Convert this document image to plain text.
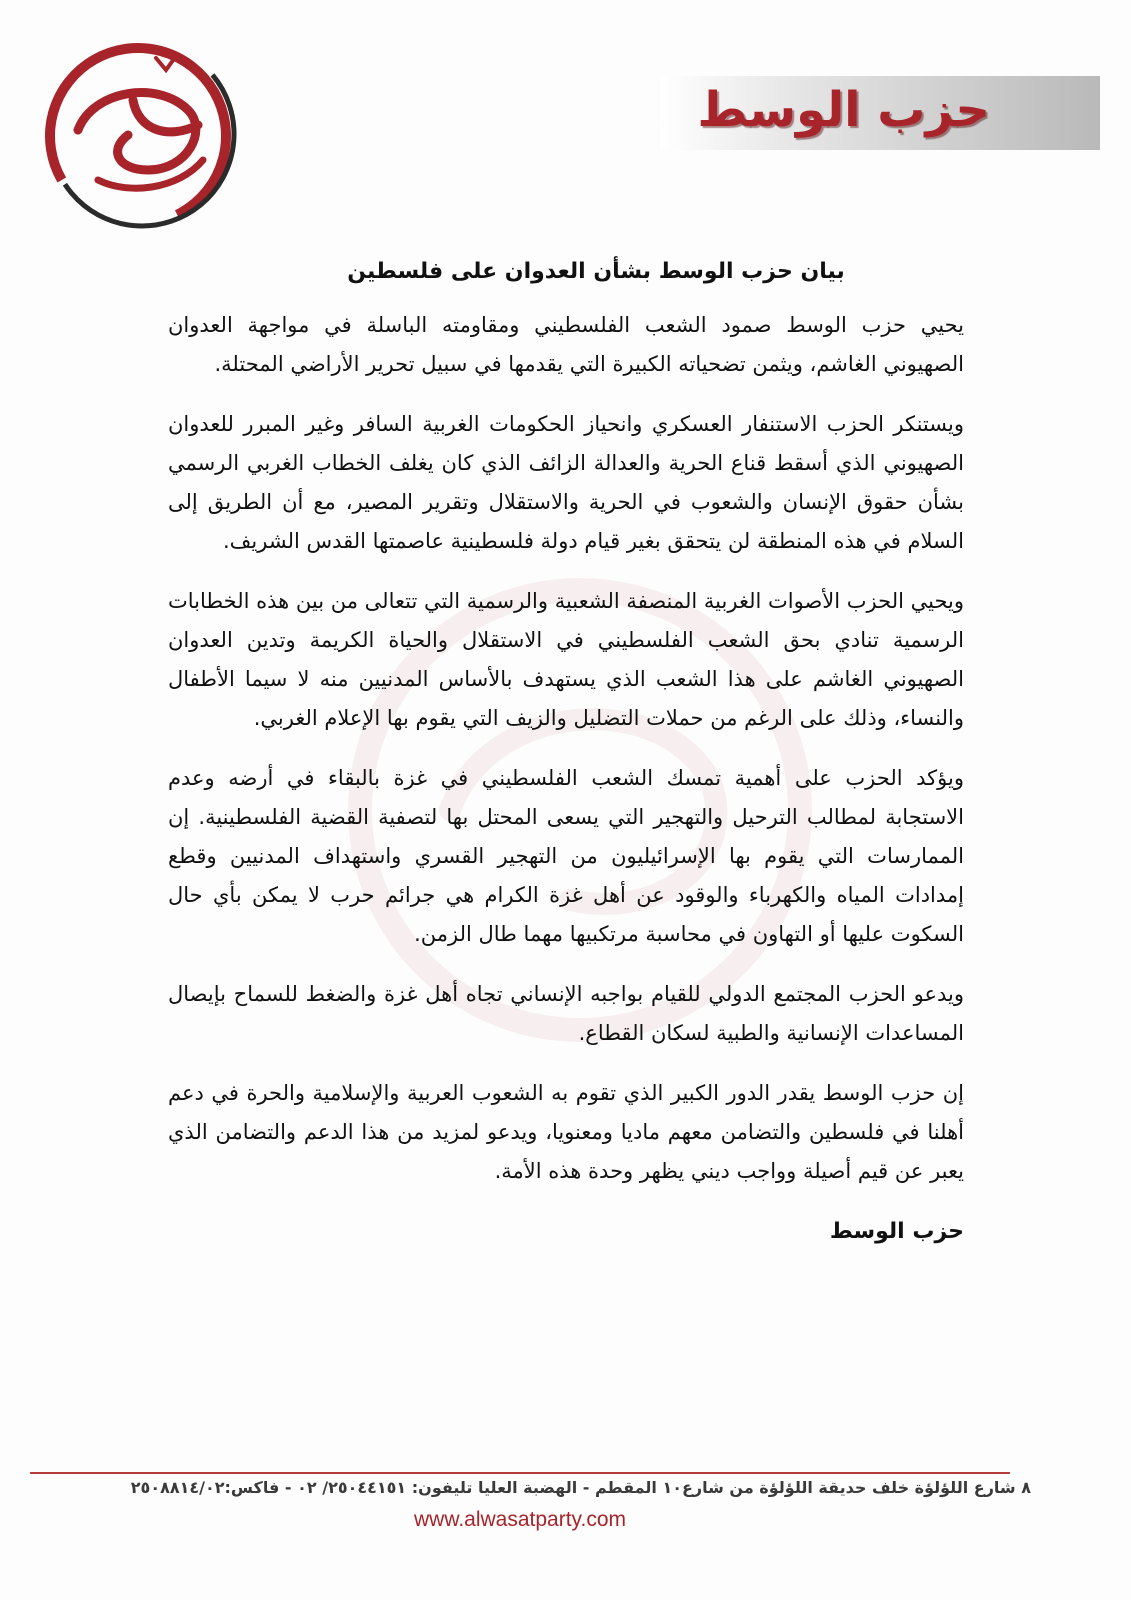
الوسط
حزب الوسط
بيان حزب الوسط بشأن العدوان على فلسطين

يحيي حزب الوسط صمود الشعب الفلسطيني ومقاومته الباسلة في مواجهة العدوان الصهيوني الغاشم، ويثمن تضحياته الكبيرة التي يقدمها في سبيل تحرير الأراضي المحتلة.

ويستنكر الحزب الاستنفار العسكري وانحياز الحكومات الغربية السافر وغير المبرر للعدوان الصهيوني الذي أسقط قناع الحرية والعدالة الزائف الذي كان يغلف الخطاب الغربي الرسمي بشأن حقوق الإنسان والشعوب في الحرية والاستقلال وتقرير المصير، مع أن الطريق إلى السلام في هذه المنطقة لن يتحقق بغير قيام دولة فلسطينية عاصمتها القدس الشريف.

ويحيي الحزب الأصوات الغربية المنصفة الشعبية والرسمية التي تتعالى من بين هذه الخطابات الرسمية تنادي بحق الشعب الفلسطيني في الاستقلال والحياة الكريمة وتدين العدوان الصهيوني الغاشم على هذا الشعب الذي يستهدف بالأساس المدنيين منه لا سيما الأطفال والنساء، وذلك على الرغم من حملات التضليل والزيف التي يقوم بها الإعلام الغربي.

ويؤكد الحزب على أهمية تمسك الشعب الفلسطيني في غزة بالبقاء في أرضه وعدم الاستجابة لمطالب الترحيل والتهجير التي يسعى المحتل بها لتصفية القضية الفلسطينية. إن الممارسات التي يقوم بها الإسرائيليون من التهجير القسري واستهداف المدنيين وقطع إمدادات المياه والكهرباء والوقود عن أهل غزة الكرام هي جرائم حرب لا يمكن بأي حال السكوت عليها أو التهاون في محاسبة مرتكبيها مهما طال الزمن.

ويدعو الحزب المجتمع الدولي للقيام بواجبه الإنساني تجاه أهل غزة والضغط للسماح بإيصال المساعدات الإنسانية والطبية لسكان القطاع.

إن حزب الوسط يقدر الدور الكبير الذي تقوم به الشعوب العربية والإسلامية والحرة في دعم أهلنا في فلسطين والتضامن معهم ماديا ومعنويا، ويدعو لمزيد من هذا الدعم والتضامن الذي يعبر عن قيم أصيلة وواجب ديني يظهر وحدة هذه الأمة.

حزب الوسط
٨ شارع اللؤلؤة خلف حديقة اللؤلؤة من شارع١٠ المقطم - الهضبة العليا تليفون: ٢٥٠٤٤١٥١/ ٠٢ - فاكس:٢٥٠٨٨١٤/٠٢
www.alwasatparty.com
